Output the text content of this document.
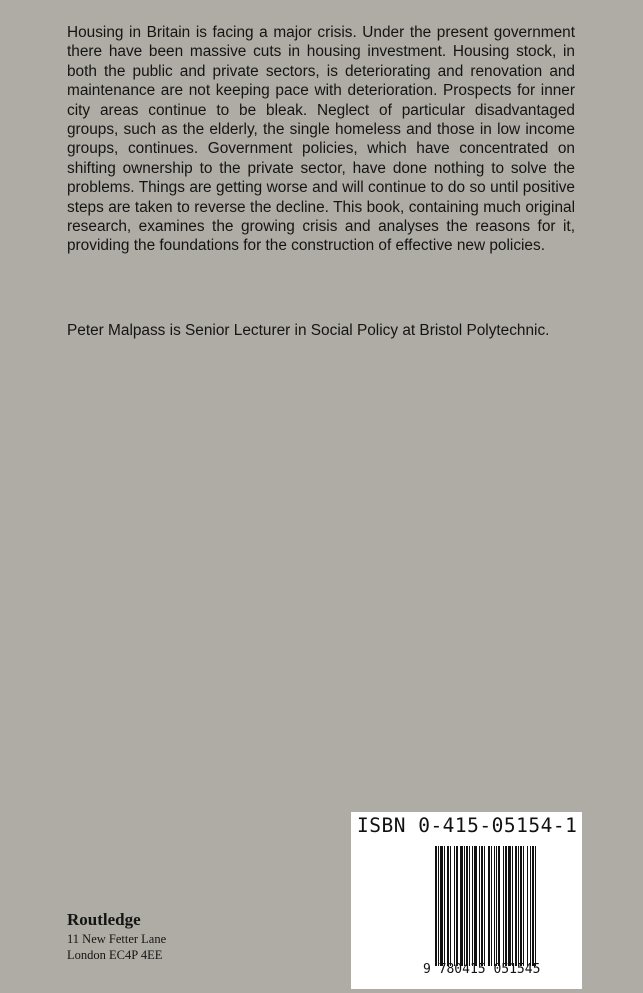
Housing in Britain is facing a major crisis. Under the present government there have been massive cuts in housing investment. Housing stock, in both the public and private sectors, is deteriorating and renovation and maintenance are not keeping pace with deterioration. Prospects for inner city areas continue to be bleak. Neglect of particular disadvantaged groups, such as the elderly, the single homeless and those in low income groups, continues. Government policies, which have concentrated on shifting ownership to the private sector, have done nothing to solve the problems. Things are getting worse and will continue to do so until positive steps are taken to reverse the decline. This book, containing much original research, examines the growing crisis and analyses the reasons for it, providing the foundations for the construction of effective new policies.

Peter Malpass is Senior Lecturer in Social Policy at Bristol Polytechnic.

Routledge
11 New Fetter Lane
London EC4P 4EE
ISBN 0-415-05154-1
9 780415 051545
